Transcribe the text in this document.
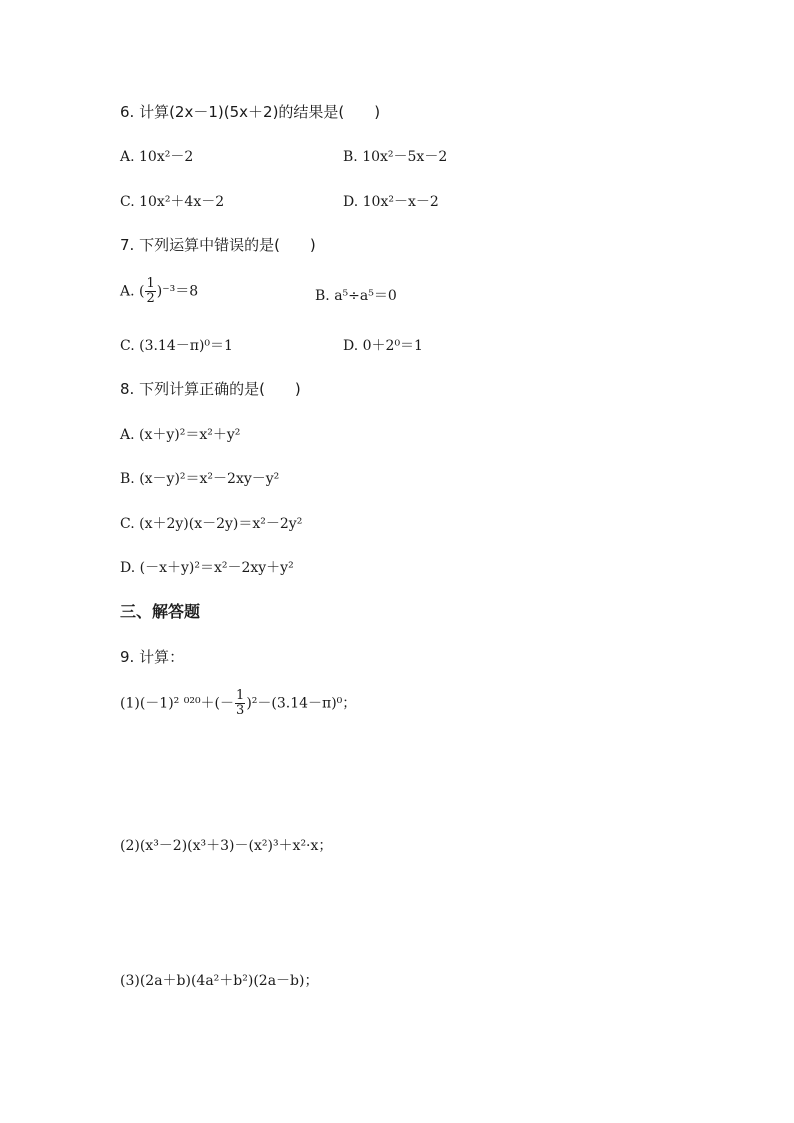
6. 计算(2x－1)(5x＋2)的结果是(　　)
A. 10x²－2	B. 10x²－5x－2
C. 10x²＋4x－2	D. 10x²－x－2
7. 下列运算中错误的是(　　)
A. ( $\frac{1}{2} )^{-3}=8$	B. a⁵÷a⁵＝0
C. (3.14－π)⁰＝1	D. 0＋2⁰＝1
8. 下列计算正确的是(　　)
A. (x＋y)²＝x²＋y²
B. (x－y)²＝x²－2xy－y²
C. (x＋2y)(x－2y)＝x²－2y²
D. (－x＋y)²＝x²－2xy＋y²
三、解答题
9. 计算：
(1)(－1)² $^{020}+(- \frac{1}{3} )^2-(3.14-\pi)^0$；
(2)(x³－2)(x³＋3)－(x²)³＋x²·x；
(3)(2a＋b)(4a²＋b²)(2a－b)；
